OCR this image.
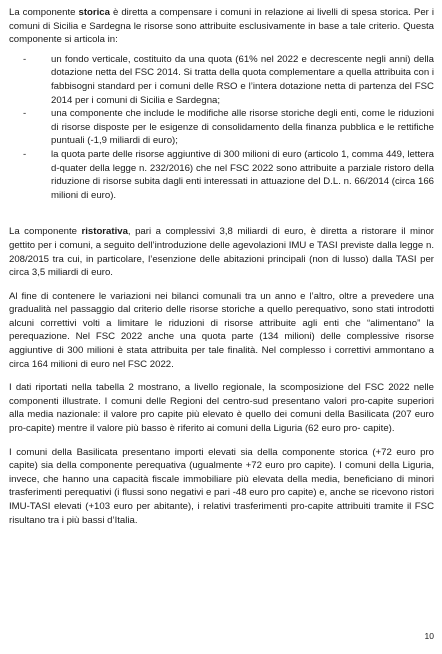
La componente storica è diretta a compensare i comuni in relazione ai livelli di spesa storica. Per i comuni di Sicilia e Sardegna le risorse sono attribuite esclusivamente in base a tale criterio. Questa componente si articola in:

-	un fondo verticale, costituito da una quota (61% nel 2022 e decrescente negli anni) della dotazione netta del FSC 2014. Si tratta della quota complementare a quella attribuita con i fabbisogni standard per i comuni delle RSO e l’intera dotazione netta di partenza del FSC 2014 per i comuni di Sicilia e Sardegna;
-	una componente che include le modifiche alle risorse storiche degli enti, come le riduzioni di risorse disposte per le esigenze di consolidamento della finanza pubblica e le rettifiche puntuali (-1,9 miliardi di euro);
-	la quota parte delle risorse aggiuntive di 300 milioni di euro (articolo 1, comma 449, lettera d-quater della legge n. 232/2016) che nel FSC 2022 sono attribuite a parziale ristoro della riduzione di risorse subita dagli enti interessati in attuazione del D.L. n. 66/2014 (circa 166 milioni di euro).

La componente ristorativa, pari a complessivi 3,8 miliardi di euro, è diretta a ristorare il minor gettito per i comuni, a seguito dell’introduzione delle agevolazioni IMU e TASI previste dalla legge n. 208/2015 tra cui, in particolare, l’esenzione delle abitazioni principali (non di lusso) dalla TASI per circa 3,5 miliardi di euro.

Al fine di contenere le variazioni nei bilanci comunali tra un anno e l’altro, oltre a prevedere una gradualità nel passaggio dal criterio delle risorse storiche a quello perequativo, sono stati introdotti alcuni correttivi volti a limitare le riduzioni di risorse attribuite agli enti che “alimentano” la perequazione. Nel FSC 2022 anche una quota parte (134 milioni) delle complessive risorse aggiuntive di 300 milioni è stata attribuita per tale finalità. Nel complesso i correttivi ammontano a circa 164 milioni di euro nel FSC 2022.

I dati riportati nella tabella 2 mostrano, a livello regionale, la scomposizione del FSC 2022 nelle componenti illustrate. I comuni delle Regioni del centro-sud presentano valori pro-capite superiori alla media nazionale: il valore pro capite più elevato è quello dei comuni della Basilicata (207 euro pro-capite) mentre il valore più basso è riferito ai comuni della Liguria (62 euro pro- capite).

I comuni della Basilicata presentano importi elevati sia della componente storica (+72 euro pro capite) sia della componente perequativa (ugualmente +72 euro pro capite). I comuni della Liguria, invece, che hanno una capacità fiscale immobiliare più elevata della media, beneficiano di minori trasferimenti perequativi (i flussi sono negativi e pari -48 euro pro capite) e, anche se ricevono ristori IMU-TASI elevati (+103 euro per abitante), i relativi trasferimenti pro-capite attribuiti tramite il FSC risultano tra i più bassi d’Italia.

10
